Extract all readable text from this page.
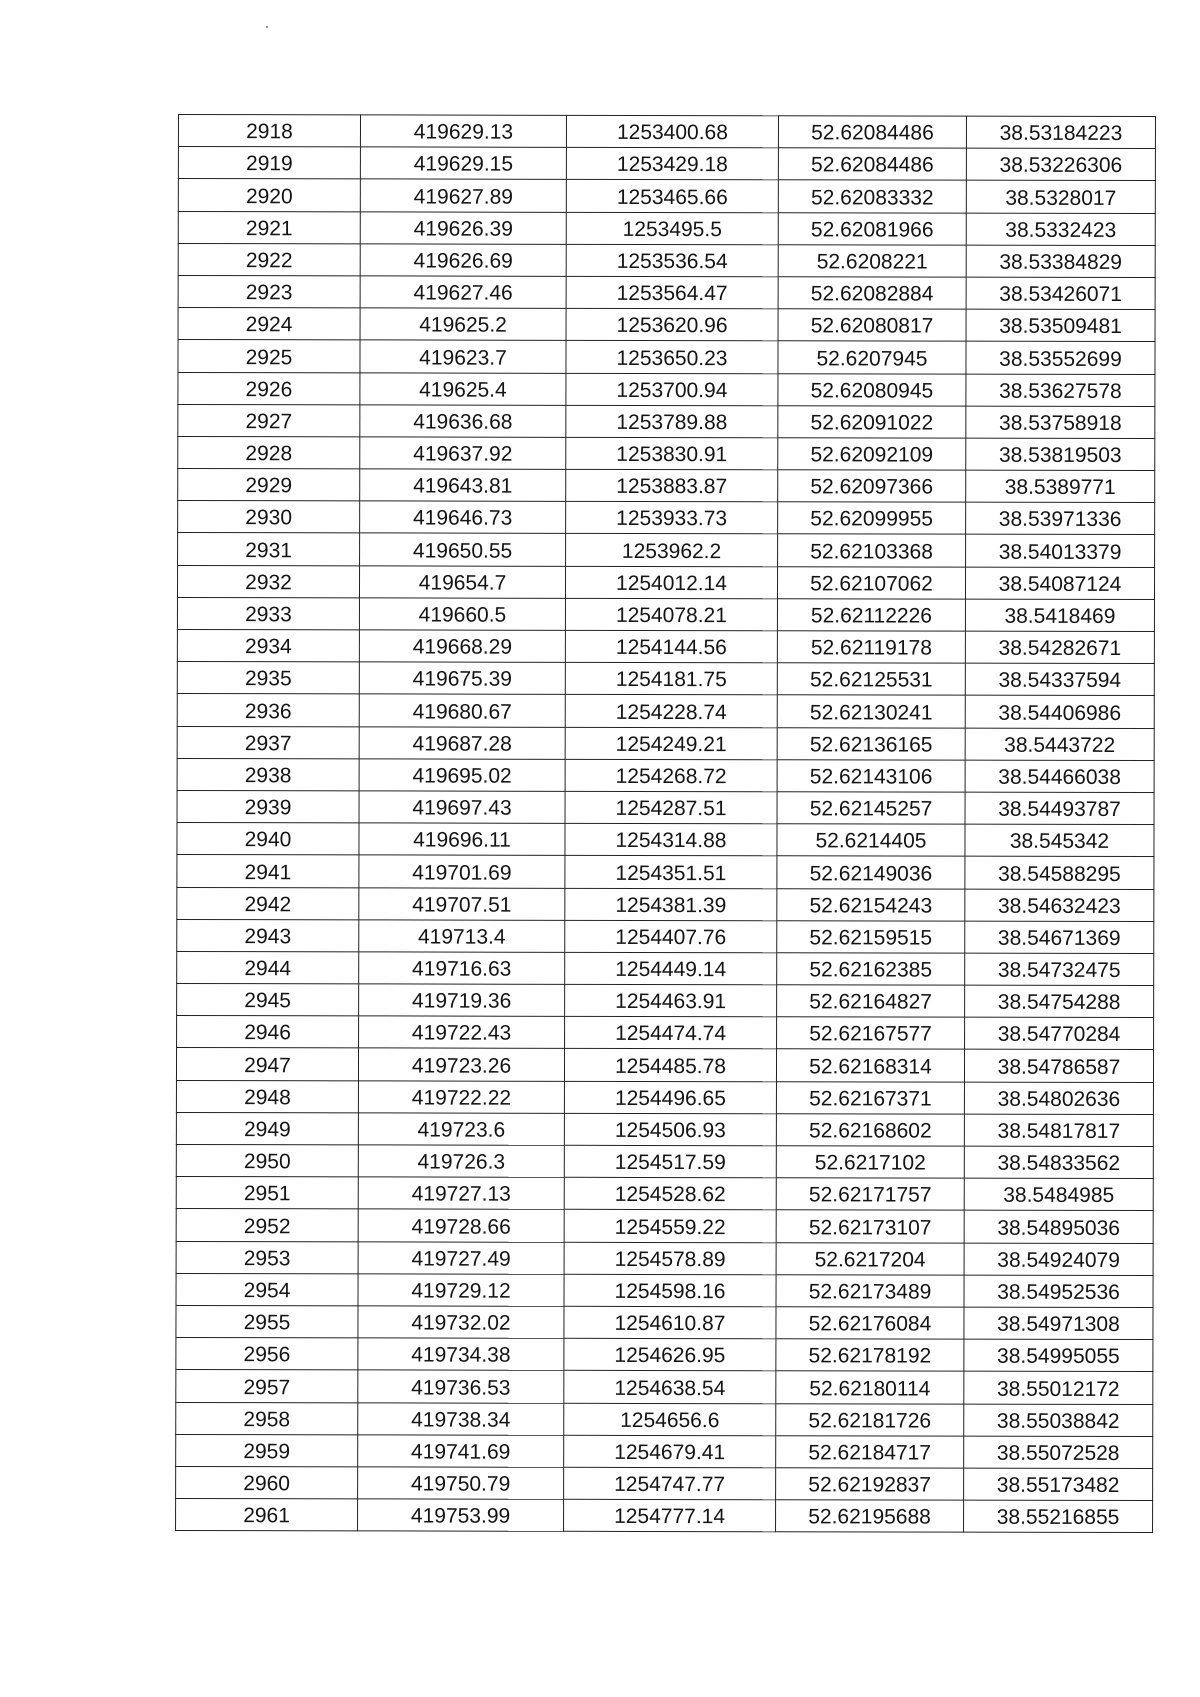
2918	419629.13	1253400.68	52.62084486	38.53184223
2919	419629.15	1253429.18	52.62084486	38.53226306
2920	419627.89	1253465.66	52.62083332	38.5328017
2921	419626.39	1253495.5	52.62081966	38.5332423
2922	419626.69	1253536.54	52.6208221	38.53384829
2923	419627.46	1253564.47	52.62082884	38.53426071
2924	419625.2	1253620.96	52.62080817	38.53509481
2925	419623.7	1253650.23	52.6207945	38.53552699
2926	419625.4	1253700.94	52.62080945	38.53627578
2927	419636.68	1253789.88	52.62091022	38.53758918
2928	419637.92	1253830.91	52.62092109	38.53819503
2929	419643.81	1253883.87	52.62097366	38.5389771
2930	419646.73	1253933.73	52.62099955	38.53971336
2931	419650.55	1253962.2	52.62103368	38.54013379
2932	419654.7	1254012.14	52.62107062	38.54087124
2933	419660.5	1254078.21	52.62112226	38.5418469
2934	419668.29	1254144.56	52.62119178	38.54282671
2935	419675.39	1254181.75	52.62125531	38.54337594
2936	419680.67	1254228.74	52.62130241	38.54406986
2937	419687.28	1254249.21	52.62136165	38.5443722
2938	419695.02	1254268.72	52.62143106	38.54466038
2939	419697.43	1254287.51	52.62145257	38.54493787
2940	419696.11	1254314.88	52.6214405	38.545342
2941	419701.69	1254351.51	52.62149036	38.54588295
2942	419707.51	1254381.39	52.62154243	38.54632423
2943	419713.4	1254407.76	52.62159515	38.54671369
2944	419716.63	1254449.14	52.62162385	38.54732475
2945	419719.36	1254463.91	52.62164827	38.54754288
2946	419722.43	1254474.74	52.62167577	38.54770284
2947	419723.26	1254485.78	52.62168314	38.54786587
2948	419722.22	1254496.65	52.62167371	38.54802636
2949	419723.6	1254506.93	52.62168602	38.54817817
2950	419726.3	1254517.59	52.6217102	38.54833562
2951	419727.13	1254528.62	52.62171757	38.5484985
2952	419728.66	1254559.22	52.62173107	38.54895036
2953	419727.49	1254578.89	52.6217204	38.54924079
2954	419729.12	1254598.16	52.62173489	38.54952536
2955	419732.02	1254610.87	52.62176084	38.54971308
2956	419734.38	1254626.95	52.62178192	38.54995055
2957	419736.53	1254638.54	52.62180114	38.55012172
2958	419738.34	1254656.6	52.62181726	38.55038842
2959	419741.69	1254679.41	52.62184717	38.55072528
2960	419750.79	1254747.77	52.62192837	38.55173482
2961	419753.99	1254777.14	52.62195688	38.55216855
